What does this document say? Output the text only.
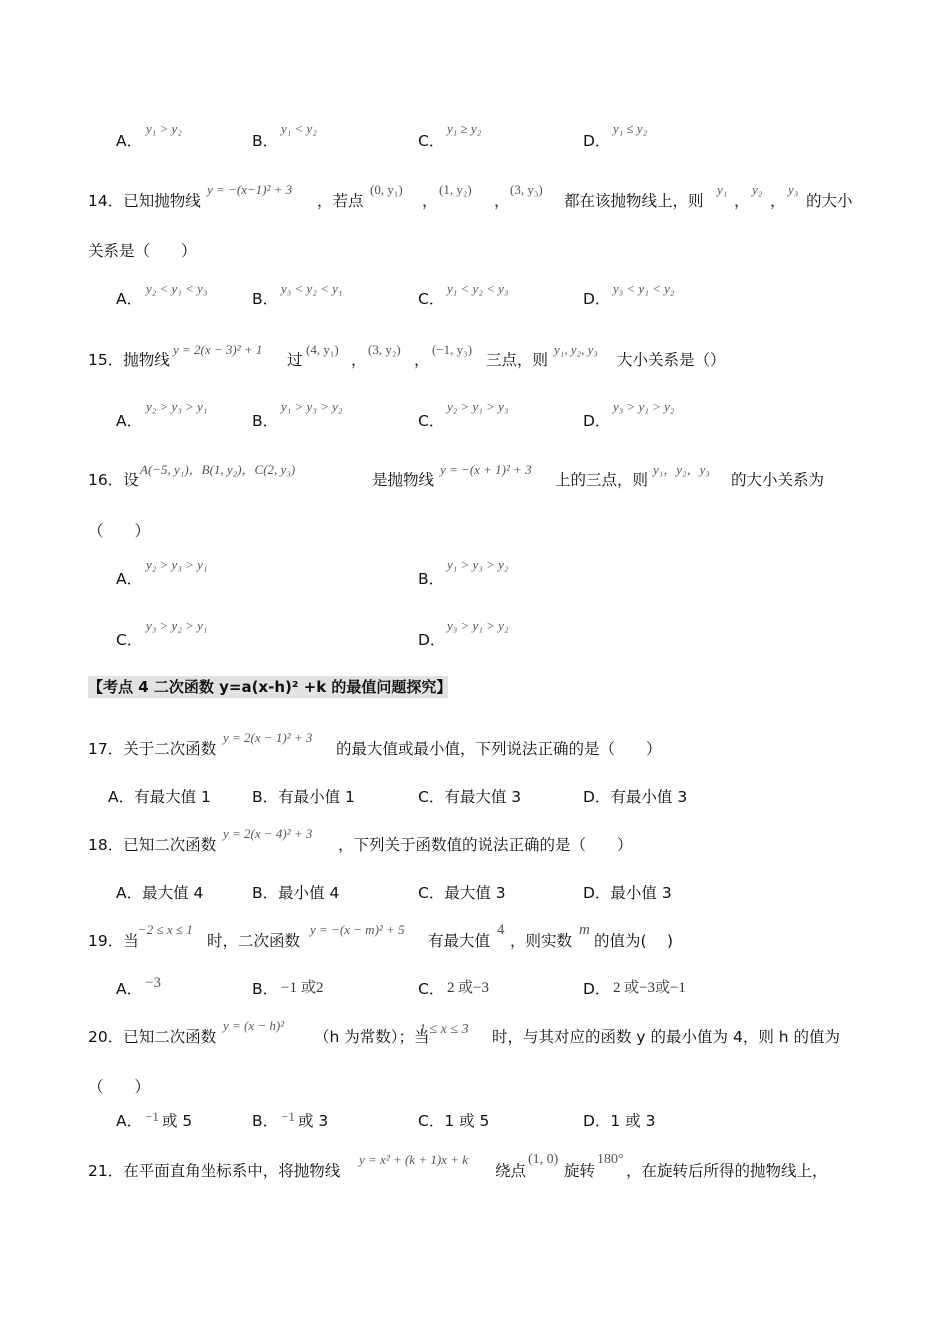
A．
y₁ > y₂
B．
y₁ < y₂
C．
y₁ ≥ y₂
D．
y₁ ≤ y₂
14．已知抛物线
y = −(x−1)² + 3
，若点
(0, y₁)
，
(1, y₂)
，
(3, y₃)
都在该抛物线上，则
y₁
，
y₂
，
y₃
的大小
关系是（　　）
A．
y₂ < y₁ < y₃
B．
y₃ < y₂ < y₁
C．
y₁ < y₂ < y₃
D．
y₃ < y₁ < y₂
15．抛物线
y = 2(x − 3)² + 1
过
(4, y₁)
，
(3, y₂)
，
(−1, y₃)
三点，则
y₁, y₂, y₃
大小关系是（）
A．
y₂ > y₃ > y₁
B．
y₁ > y₃ > y₂
C．
y₂ > y₁ > y₃
D．
y₃ > y₁ > y₂
16．设
A(−5, y₁)，B(1, y₂)，C(2, y₃)
是抛物线
y = −(x + 1)² + 3
上的三点，则
y₁，y₂，y₃
的大小关系为
（　　）
A．
y₂ > y₃ > y₁
B．
y₁ > y₃ > y₂
C．
y₃ > y₂ > y₁
D．
y₃ > y₁ > y₂
【考点 4 二次函数 y=a(x-h)² +k 的最值问题探究】
17．关于二次函数
y = 2(x − 1)² + 3
的最大值或最小值，下列说法正确的是（　　）
A．有最大值 1	B．有最小值 1	C．有最大值 3	D．有最小值 3
18．已知二次函数
y = 2(x − 4)² + 3
，下列关于函数值的说法正确的是（　　）
A．最大值 4	B．最小值 4	C．最大值 3	D．最小值 3
19．当
−2 ≤ x ≤ 1
时，二次函数
y = −(x − m)² + 5
有最大值
4
，则实数
m
的值为(　 )
A． −3	B． −1 或2	C． 2 或−3	D． 2 或−3或−1
20．已知二次函数
y = (x − h)²
（h 为常数）；当
1 ≤ x ≤ 3 时，与其对应的函数 y 的最小值为 4，则 h 的值为
（　　）
A． −1 或 5	B． −1 或 3	C．1 或 5	D．1 或 3
21．在平面直角坐标系中，将抛物线
y = x² + (k + 1)x + k
绕点
(1, 0)
旋转
180°
，在旋转后所得的抛物线上，
